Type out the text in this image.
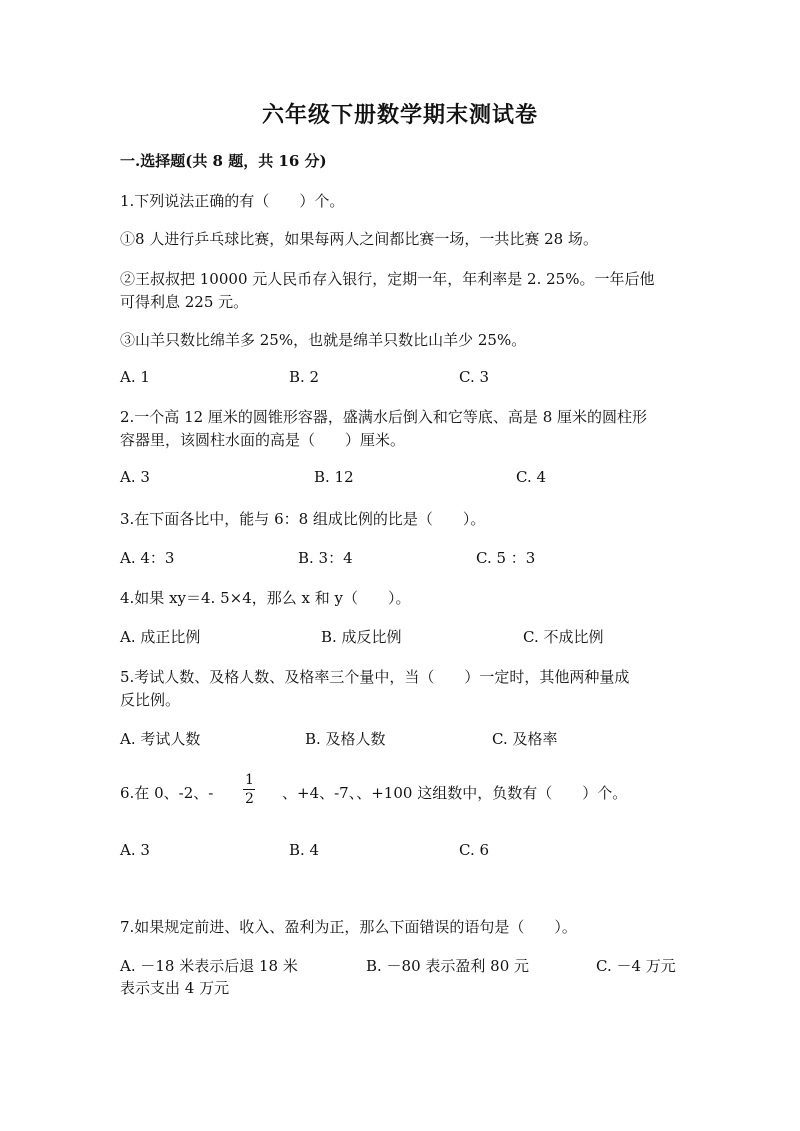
六年级下册数学期末测试卷
一.选择题(共 8 题，共 16 分)
1.下列说法正确的有（　　）个。
①8 人进行乒乓球比赛，如果每两人之间都比赛一场，一共比赛 28 场。
②王叔叔把 10000 元人民币存入银行，定期一年，年利率是 2. 25%。一年后他
可得利息 225 元。
③山羊只数比绵羊多 25%，也就是绵羊只数比山羊少 25%。
A. 1	B. 2	C. 3
2.一个高 12 厘米的圆锥形容器，盛满水后倒入和它等底、高是 8 厘米的圆柱形
容器里，该圆柱水面的高是（　　）厘米。
A. 3	B. 12	C. 4
3.在下面各比中，能与 6：8 组成比例的比是（　　）。
A. 4：3	B. 3：4	C. 5 ：3
4.如果 xy＝4. 5×4，那么 x 和 y（　　）。
A. 成正比例	B. 成反比例	C. 不成比例
5.考试人数、及格人数、及格率三个量中，当（　　）一定时，其他两种量成
反比例。
A. 考试人数	B. 及格人数	C. 及格率
6.在 0、-2、-
1
2 、+4、-7、、+100 这组数中，负数有（　　）个。
A. 3	B. 4	C. 6
7.如果规定前进、收入、盈利为正，那么下面错误的语句是（　　）。
A. －18 米表示后退 18 米	B. －80 表示盈利 80 元	C. －4 万元
表示支出 4 万元
